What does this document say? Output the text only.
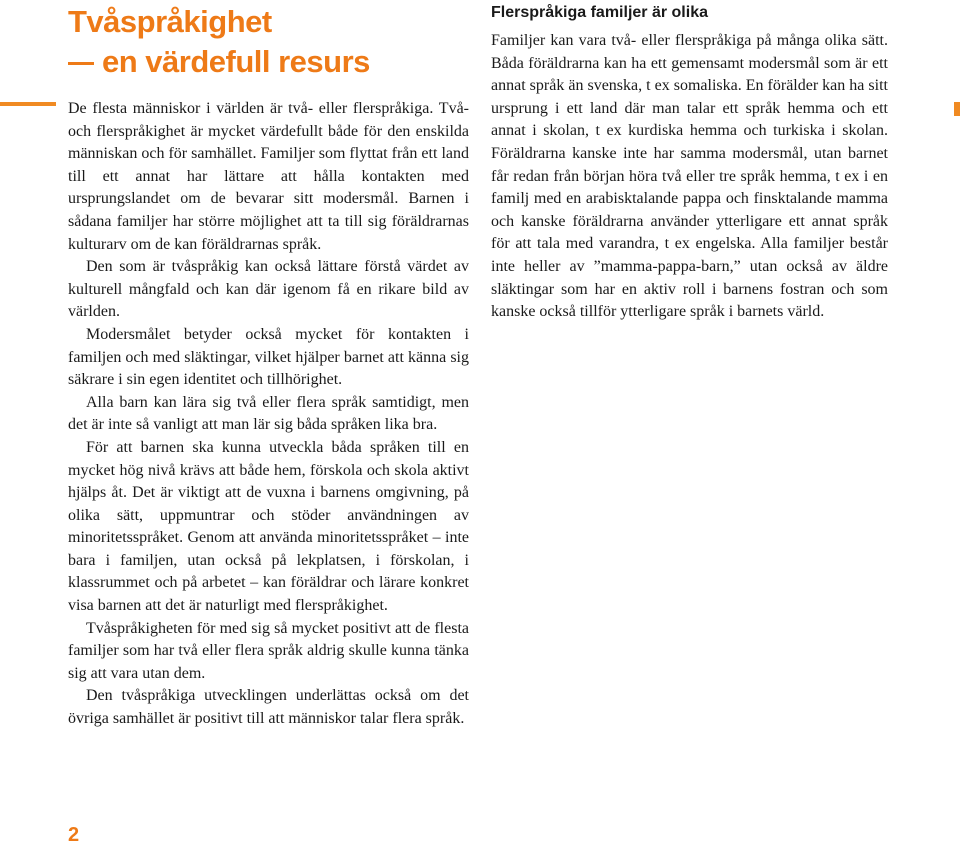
Tvåspråkighet
en värdefull resurs

De flesta människor i världen är två- eller flerspråkiga. Två- och flerspråkighet är mycket värdefullt både för den enskilda människan och för samhället. Familjer som flyttat från ett land till ett annat har lättare att hålla kontakten med ursprungslandet om de bevarar sitt modersmål. Barnen i sådana familjer har större möjlighet att ta till sig föräldrarnas kulturarv om de kan föräldrarnas språk.

Den som är tvåspråkig kan också lättare förstå värdet av kulturell mångfald och kan där igenom få en rikare bild av världen.

Modersmålet betyder också mycket för kontakten i familjen och med släktingar, vilket hjälper barnet att känna sig säkrare i sin egen identitet och tillhörighet.

Alla barn kan lära sig två eller flera språk samtidigt, men det är inte så vanligt att man lär sig båda språken lika bra.

För att barnen ska kunna utveckla båda språken till en mycket hög nivå krävs att både hem, förskola och skola aktivt hjälps åt. Det är viktigt att de vuxna i barnens omgivning, på olika sätt, uppmuntrar och stöder användningen av minoritetsspråket. Genom att använda minoritetsspråket – inte bara i familjen, utan också på lekplatsen, i förskolan, i klassrummet och på arbetet – kan föräldrar och lärare konkret visa barnen att det är naturligt med flerspråkighet.

Tvåspråkigheten för med sig så mycket positivt att de flesta familjer som har två eller flera språk aldrig skulle kunna tänka sig att vara utan dem.

Den tvåspråkiga utvecklingen underlättas också om det övriga samhället är positivt till att människor talar flera språk.

Flerspråkiga familjer är olika

Familjer kan vara två- eller flerspråkiga på många olika sätt. Båda föräldrarna kan ha ett gemensamt modersmål som är ett annat språk än svenska, t ex somaliska. En förälder kan ha sitt ursprung i ett land där man talar ett språk hemma och ett annat i skolan, t ex kurdiska hemma och turkiska i skolan. Föräldrarna kanske inte har samma modersmål, utan barnet får redan från början höra två eller tre språk hemma, t ex i en familj med en arabisktalande pappa och finsktalande mamma och kanske föräldrarna använder ytterligare ett annat språk för att tala med varandra, t ex engelska. Alla familjer består inte heller av ”mamma-pappa-barn,” utan också av äldre släktingar som har en aktiv roll i barnens fostran och som kanske också tillför ytterligare språk i barnets värld.

2
